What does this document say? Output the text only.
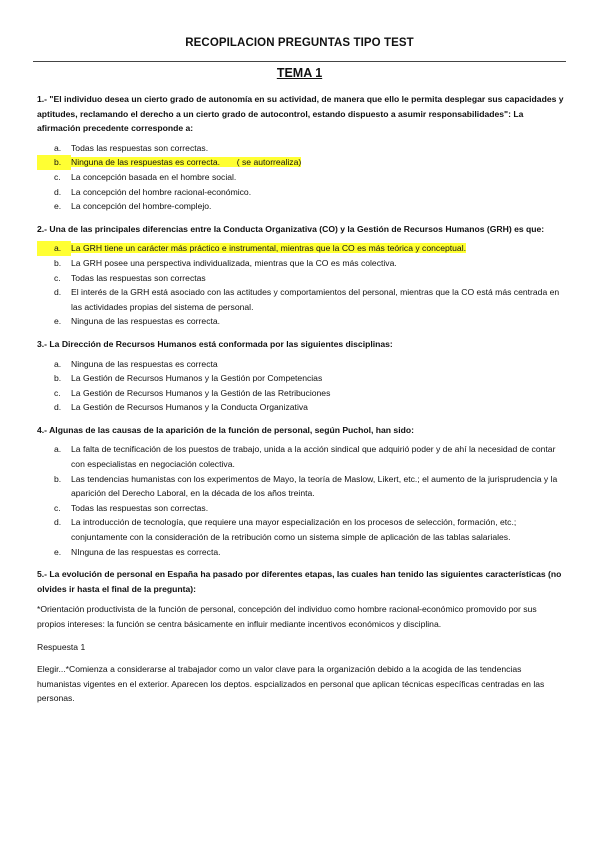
RECOPILACION PREGUNTAS TIPO TEST
TEMA 1

1.- "El individuo desea un cierto grado de autonomía en su actividad, de manera que ello le permita desplegar sus capacidades y aptitudes, reclamando el derecho a un cierto grado de autocontrol, estando dispuesto a asumir responsabilidades": La afirmación precedente corresponde a:

a.	Todas las respuestas son correctas.
b.	Ninguna de las respuestas es correcta.       ( se autorrealiza)
c.	La concepción basada en el hombre social.
d.	La concepción del hombre racional-económico.
e.	La concepción del hombre-complejo.

2.- Una de las principales diferencias entre la Conducta Organizativa (CO) y la Gestión de Recursos Humanos (GRH) es que:

a.	La GRH tiene un carácter más práctico e instrumental, mientras que la CO es más teórica y conceptual.
b.	La GRH posee una perspectiva individualizada, mientras que la CO es más colectiva.
c.	Todas las respuestas son correctas
d.	El interés de la GRH está asociado con las actitudes y comportamientos del personal, mientras que la CO está más centrada en las actividades propias del sistema de personal.
e.	Ninguna de las respuestas es correcta.

3.- La Dirección de Recursos Humanos está conformada por las siguientes disciplinas:

a.	Ninguna de las respuestas es correcta
b.	La Gestión de Recursos Humanos y la Gestión por Competencias
c.	La Gestión de Recursos Humanos y la Gestión de las Retribuciones
d.	La Gestión de Recursos Humanos y la Conducta Organizativa

4.- Algunas de las causas de la aparición de la función de personal, según Puchol, han sido:

a.	La falta de tecnificación de los puestos de trabajo, unida a la acción sindical que adquirió poder y de ahí la necesidad de contar con especialistas en negociación colectiva.
b.	Las tendencias humanistas con los experimentos de Mayo, la teoría de Maslow, Likert, etc.; el aumento de la jurisprudencia y la aparición del Derecho Laboral, en la década de los años treinta.
c.	Todas las respuestas son correctas.
d.	La introducción de tecnología, que requiere una mayor especialización en los procesos de selección, formación, etc.; conjuntamente con la consideración de la retribución como un sistema simple de aplicación de las tablas salariales.
e.	NInguna de las respuestas es correcta.

5.- La evolución de personal en España ha pasado por diferentes etapas, las cuales han tenido las siguientes características (no olvides ir hasta el final de la pregunta):

*Orientación productivista de la función de personal, concepción del individuo como hombre racional-económico promovido por sus propios intereses: la función se centra básicamente en influir mediante incentivos económicos y disciplina.

Respuesta 1

Elegir...*Comienza a considerarse al trabajador como un valor clave para la organización debido a la acogida de las tendencias humanistas vigentes en el exterior. Aparecen los deptos. espcializados en personal que aplican técnicas específicas centradas en las personas.
